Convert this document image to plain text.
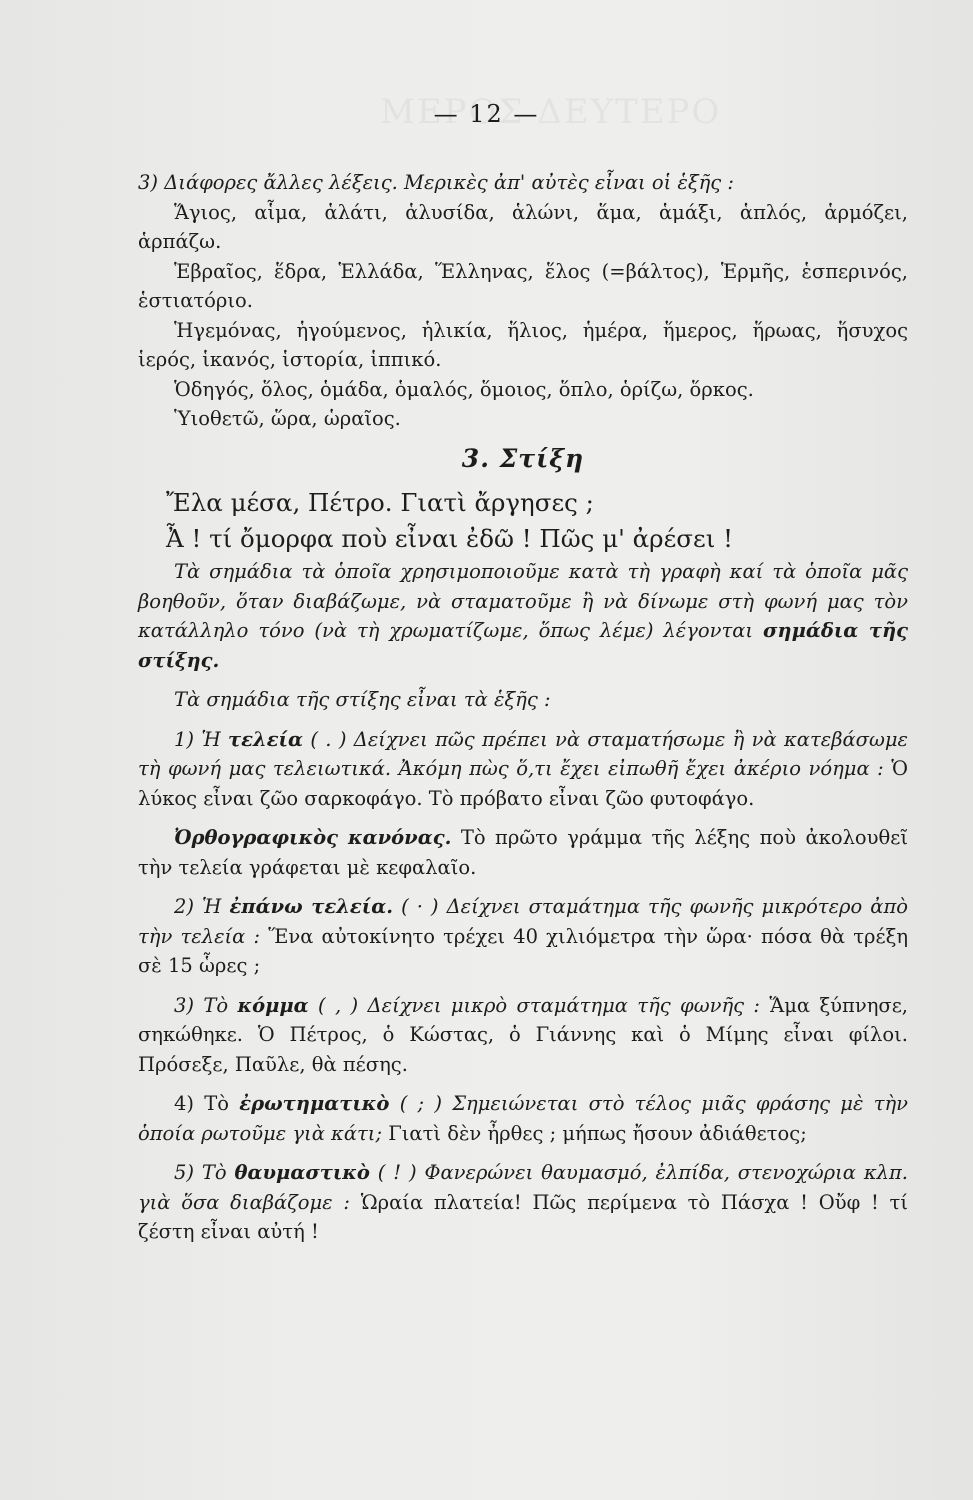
— 12 —

3) Διάφορες ἄλλες λέξεις. Μερικὲς ἀπ' αὐτὲς εἶναι οἱ ἑξῆς :

Ἅγιος, αἷμα, ἁλάτι, ἁλυσίδα, ἁλώνι, ἅμα, ἁμάξι, ἁπλός, ἁρμόζει, ἁρπάζω.

Ἑβραῖος, ἕδρα, Ἑλλάδα, Ἕλληνας, ἕλος (=βάλτος), Ἑρμῆς, ἑσπερινός, ἑστιατόριο.

Ἡγεμόνας, ἡγούμενος, ἡλικία, ἥλιος, ἡμέρα, ἥμερος, ἥρωας, ἥσυχος ἱερός, ἱκανός, ἱστορία, ἱππικό.

Ὁδηγός, ὅλος, ὁμάδα, ὁμαλός, ὅμοιος, ὅπλο, ὁρίζω, ὅρκος.

Ὑιοθετῶ, ὥρα, ὡραῖος.

3. Στίξη

Ἔλα μέσα, Πέτρο. Γιατὶ ἄργησες ;

Ἆ ! τί ὄμορφα ποὺ εἶναι ἐδῶ ! Πῶς μ' ἀρέσει !

Τὰ σημάδια τὰ ὁποῖα χρησιμοποιοῦμε κατὰ τὴ γραφὴ καί τὰ ὁποῖα μᾶς βοηθοῦν, ὅταν διαβάζωμε, νὰ σταματοῦμε ἢ νὰ δίνωμε στὴ φωνή μας τὸν κατάλληλο τόνο (νὰ τὴ χρωματίζωμε, ὅπως λέμε) λέγονται σημάδια τῆς στίξης.

Τὰ σημάδια τῆς στίξης εἶναι τὰ ἑξῆς :

1) Ἡ τελεία ( . ) Δείχνει πῶς πρέπει νὰ σταματήσωμε ἢ νὰ κατεβάσωμε τὴ φωνή μας τελειωτικά. Ἀκόμη πὼς ὅ,τι ἔχει εἰπωθῆ ἔχει ἀκέριο νόημα : Ὁ λύκος εἶναι ζῶο σαρκοφάγο. Τὸ πρόβατο εἶναι ζῶο φυτοφάγο.

Ὀρθογραφικὸς κανόνας. Τὸ πρῶτο γράμμα τῆς λέξης ποὺ ἀκολουθεῖ τὴν τελεία γράφεται μὲ κεφαλαῖο.

2) Ἡ ἐπάνω τελεία. ( · ) Δείχνει σταμάτημα τῆς φωνῆς μικρότερο ἀπὸ τὴν τελεία : Ἕνα αὐτοκίνητο τρέχει 40 χιλιόμετρα τὴν ὥρα· πόσα θὰ τρέξη σὲ 15 ὧρες ;

3) Τὸ κόμμα ( , ) Δείχνει μικρὸ σταμάτημα τῆς φωνῆς : Ἅμα ξύπνησε, σηκώθηκε. Ὁ Πέτρος, ὁ Κώστας, ὁ Γιάννης καὶ ὁ Μίμης εἶναι φίλοι. Πρόσεξε, Παῦλε, θὰ πέσης.

4) Τὸ ἐρωτηματικὸ ( ; ) Σημειώνεται στὸ τέλος μιᾶς φράσης μὲ τὴν ὁποία ρωτοῦμε γιὰ κάτι; Γιατὶ δὲν ἦρθες ; μήπως ἤσουν ἀδιάθετος;

5) Τὸ θαυμαστικὸ ( ! ) Φανερώνει θαυμασμό, ἐλπίδα, στενοχώρια κλπ. γιὰ ὅσα διαβάζομε : Ὡραία πλατεία! Πῶς περίμενα τὸ Πάσχα ! Οὔφ ! τί ζέστη εἶναι αὐτή !
